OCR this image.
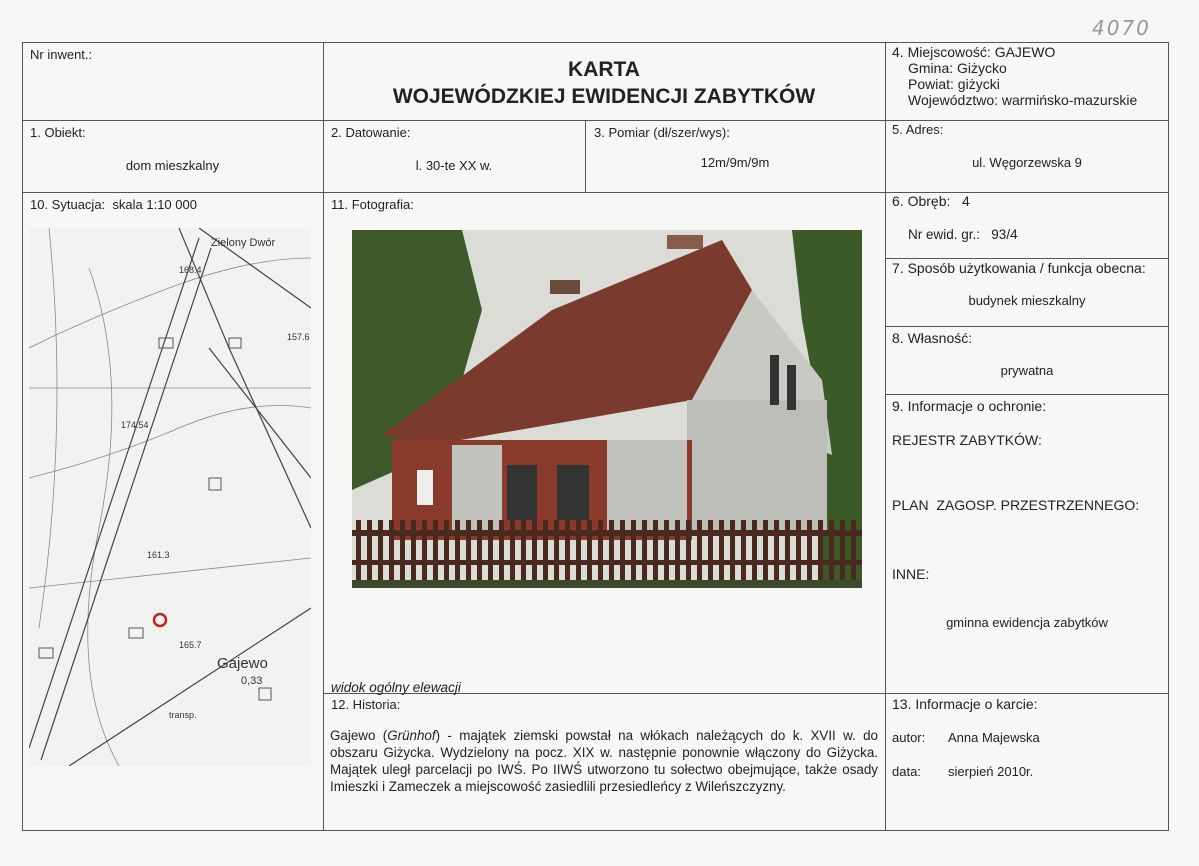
4070
Nr inwent.:
KARTA
WOJEWÓDZKIEJ EWIDENCJI ZABYTKÓW
4. Miejscowość: GAJEWO
Gmina: Giżycko
Powiat: giżycki
Województwo: warmińsko-mazurskie
1. Obiekt:
dom mieszkalny
2. Datowanie:
l. 30-te XX w.
3. Pomiar (dł/szer/wys):
12m/9m/9m
5. Adres:
ul. Węgorzewska 9
10. Sytuacja: skala 1:10 000
Zielony Dwór
168.4
Gajewo
0,33
174.54
161.3
157.6
165.7
transp.
11. Fotografia:
widok ogólny elewacji
12. Historia:
Gajewo (Grünhof) - majątek ziemski powstał na włókach należących do k. XVII w. do obszaru Giżycka. Wydzielony na pocz. XIX w. następnie ponownie włączony do Giżycka. Majątek uległ parcelacji po IWŚ. Po IIWŚ utworzono tu sołectwo obejmujące, także osady Imieszki i Zameczek a miejscowość zasiedlili przesiedleńcy z Wileńszczyzny.
6. Obręb: 4
Nr ewid. gr.: 93/4
7. Sposób użytkowania / funkcja obecna:
budynek mieszkalny
8. Własność:
prywatna
9. Informacje o ochronie:
REJESTR ZABYTKÓW:
PLAN  ZAGOSP. PRZESTRZENNEGO:
INNE:
gminna ewidencja zabytków
13. Informacje o karcie:
autor: Anna Majewska
data: sierpień 2010r.
